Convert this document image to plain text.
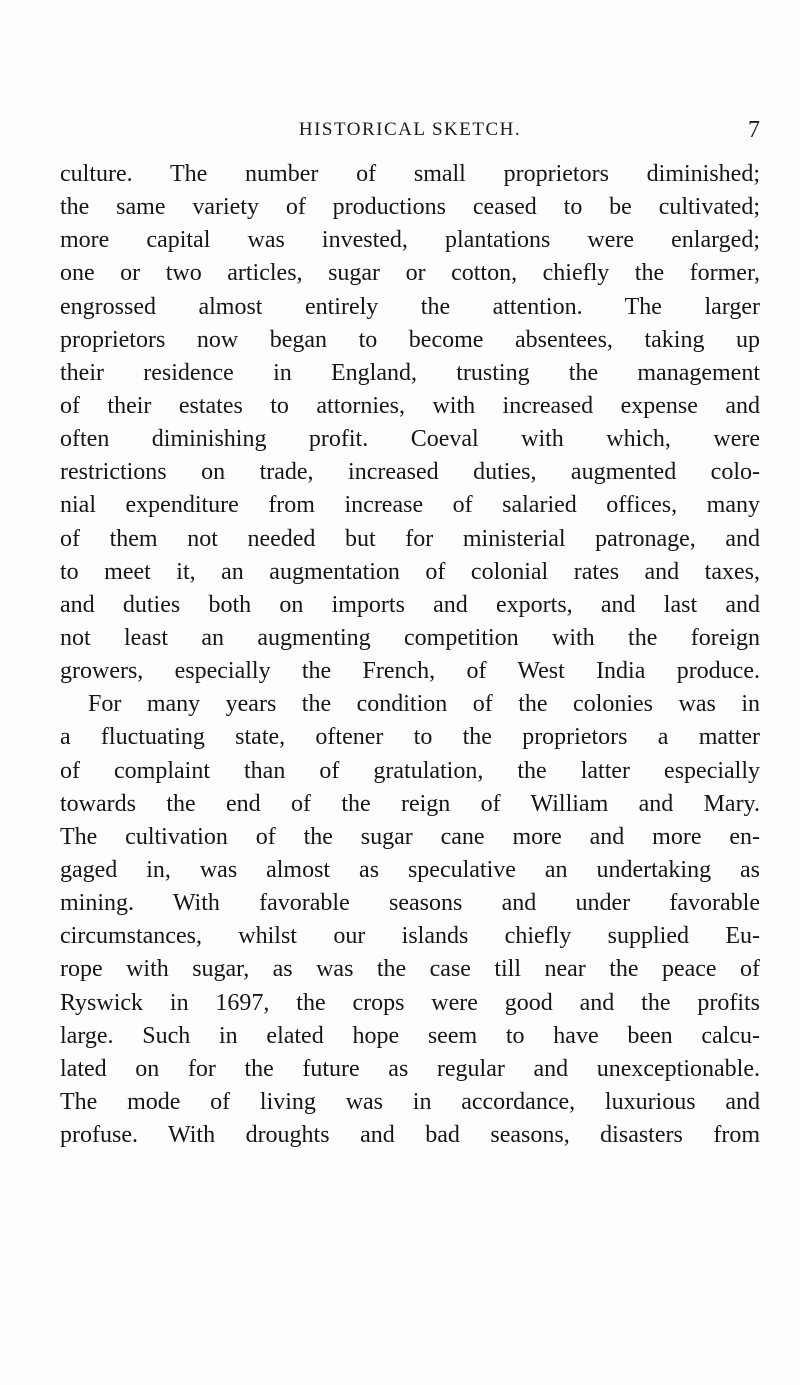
HISTORICAL SKETCH.	7
culture. The number of small proprietors diminished;
the same variety of productions ceased to be cultivated;
more capital was invested, plantations were enlarged;
one or two articles, sugar or cotton, chiefly the former,
engrossed almost entirely the attention. The larger
proprietors now began to become absentees, taking up
their residence in England, trusting the management
of their estates to attornies, with increased expense and
often diminishing profit. Coeval with which, were
restrictions on trade, increased duties, augmented colo-
nial expenditure from increase of salaried offices, many
of them not needed but for ministerial patronage, and
to meet it, an augmentation of colonial rates and taxes,
and duties both on imports and exports, and last and
not least an augmenting competition with the foreign
growers, especially the French, of West India produce.
For many years the condition of the colonies was in
a fluctuating state, oftener to the proprietors a matter
of complaint than of gratulation, the latter especially
towards the end of the reign of William and Mary.
The cultivation of the sugar cane more and more en-
gaged in, was almost as speculative an undertaking as
mining. With favorable seasons and under favorable
circumstances, whilst our islands chiefly supplied Eu-
rope with sugar, as was the case till near the peace of
Ryswick in 1697, the crops were good and the profits
large. Such in elated hope seem to have been calcu-
lated on for the future as regular and unexceptionable.
The mode of living was in accordance, luxurious and
profuse. With droughts and bad seasons, disasters from
